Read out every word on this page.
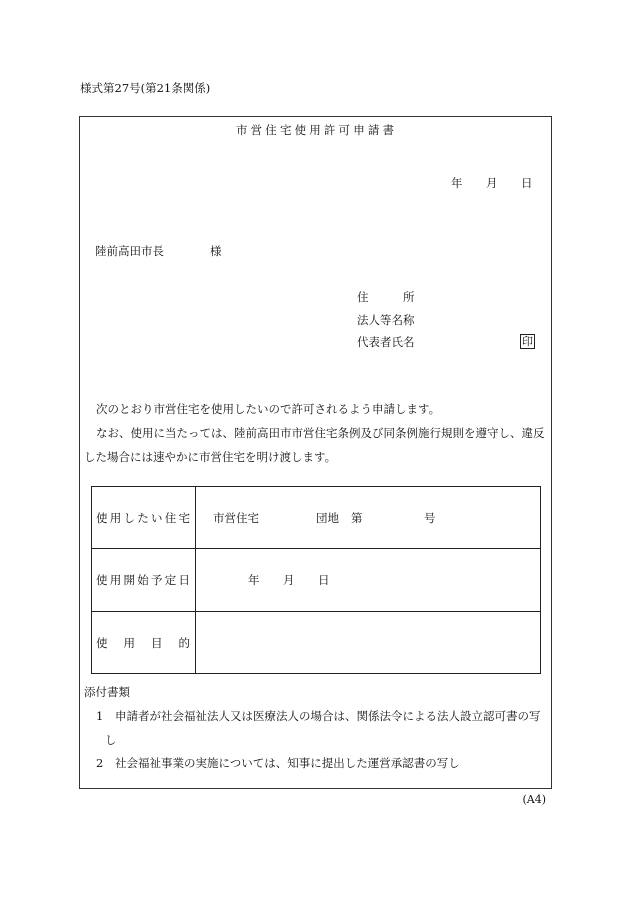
様式第27号(第21条関係)
市営住宅使用許可申請書
年 月 日
陸前高田市長	様
住所
法人等名称
代表者氏名	印
次のとおり市営住宅を使用したいので許可されるよう申請します。
なお、使用に当たっては、陸前高田市市営住宅条例及び同条例施行規則を遵守し、違反
した場合には速やかに市営住宅を明け渡します。
使用したい住宅 市営住宅	団地 第	号
使用開始予定日	年 月 日
使用目的
添付書類
1 申請者が社会福祉法人又は医療法人の場合は、関係法令による法人設立認可書の写
し
2 社会福祉事業の実施については、知事に提出した運営承認書の写し
(A4)
